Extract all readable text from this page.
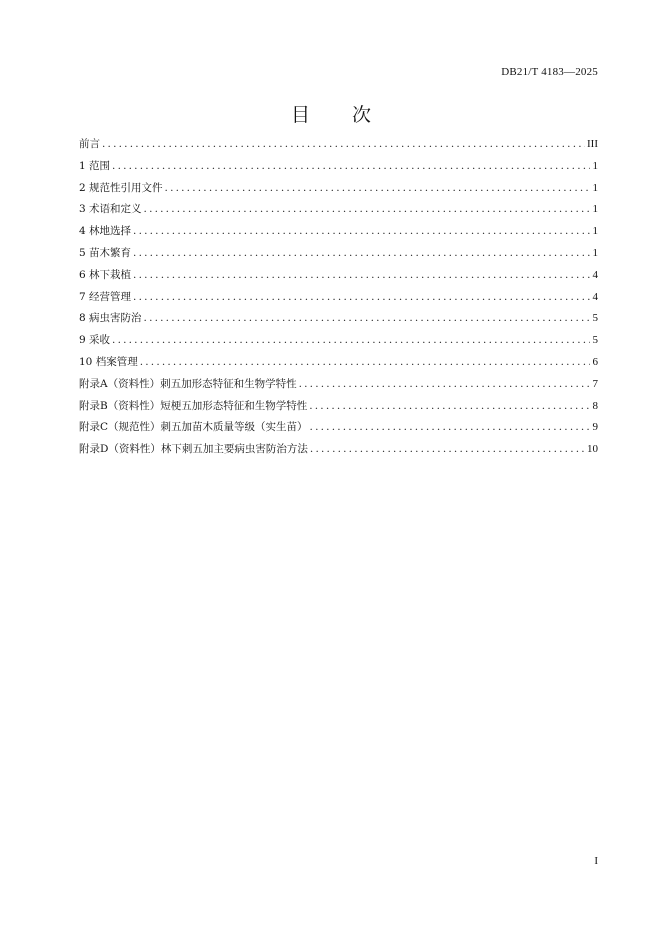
DB21/T 4183—2025
目 次
前言 .....	III
1 范围 .....	1
2 规范性引用文件 .....	1
3 术语和定义 .....	1
4 林地选择 .....	1
5 苗木繁育 .....	1
6 林下栽植 .....	4
7 经营管理 .....	4
8 病虫害防治 .....	5
9 采收 .....	5
10 档案管理 .....	6
附录A（资料性）刺五加形态特征和生物学特性 .....	7
附录B（资料性）短梗五加形态特征和生物学特性 .....	8
附录C（规范性）刺五加苗木质量等级（实生苗） .....	9
附录D（资料性）林下刺五加主要病虫害防治方法 .....	10
I
